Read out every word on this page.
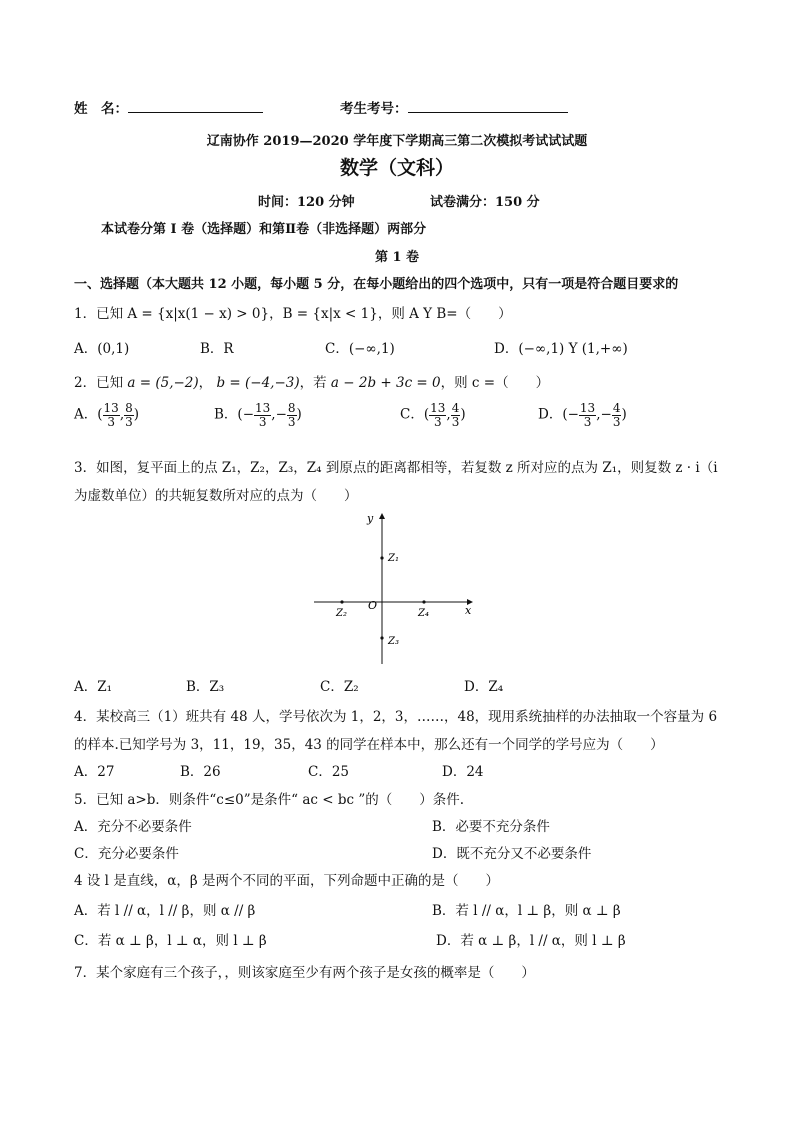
姓　名：	考生考号：
辽南协作 2019—2020 学年度下学期高三第二次模拟考试试试题
数学（文科）
时间：120 分钟	试卷满分：150 分
本试卷分第 I 卷（选择题）和第Ⅱ卷（非选择题）两部分
第 1 卷
一、选择题（本大题共 12 小题，每小题 5 分，在每小题给出的四个选项中，只有一项是符合题目要求的
1．已知 A = {x|x(1 − x) > 0}，B = {x|x < 1}，则 A Y B=（　　）
A．(0,1)	B．R	C．(−∞,1)	D．(−∞,1) Y (1,+∞)
2．已知 a = (5,−2)， b = (−4,−3)，若 a − 2b + 3c = 0，则 c =（　　）
A．( $\frac{13}{3}$ , $\frac{8}{3}$ )	B．(− $\frac{13}{3}$ ,− $\frac{8}{3}$ )	C．( $\frac{13}{3}$ , $\frac{4}{3}$ )	D．(− $\frac{13}{3}$ ,− $\frac{4}{3}$ )
3．如图，复平面上的点 Z₁，Z₂，Z₃，Z₄ 到原点的距离都相等，若复数 z 所对应的点为 Z₁，则复数 z · i（i
为虚数单位）的共轭复数所对应的点为（　　）
y
x
O
Z₁
Z₂
Z₃
Z₄
A．Z₁	B．Z₃	C．Z₂	D．Z₄
4．某校高三（1）班共有 48 人，学号依次为 1，2，3，……，48，现用系统抽样的办法抽取一个容量为 6
的样本.已知学号为 3，11，19，35，43 的同学在样本中，那么还有一个同学的学号应为（　　）
A．27	B．26	C．25	D．24
5．已知 a>b．则条件“c≤0”是条件“ ac < bc ”的（　　）条件.
A．充分不必要条件	B．必要不充分条件
C．充分必要条件	D．既不充分又不必要条件
4 设 l 是直线，α，β 是两个不同的平面，下列命题中正确的是（　　）
A．若 l // α，l // β，则 α // β	B．若 l // α，l ⊥ β，则 α ⊥ β
C．若 α ⊥ β，l ⊥ α，则 l ⊥ β	D．若 α ⊥ β，l // α，则 l ⊥ β
7．某个家庭有三个孩子，，则该家庭至少有两个孩子是女孩的概率是（　　）
